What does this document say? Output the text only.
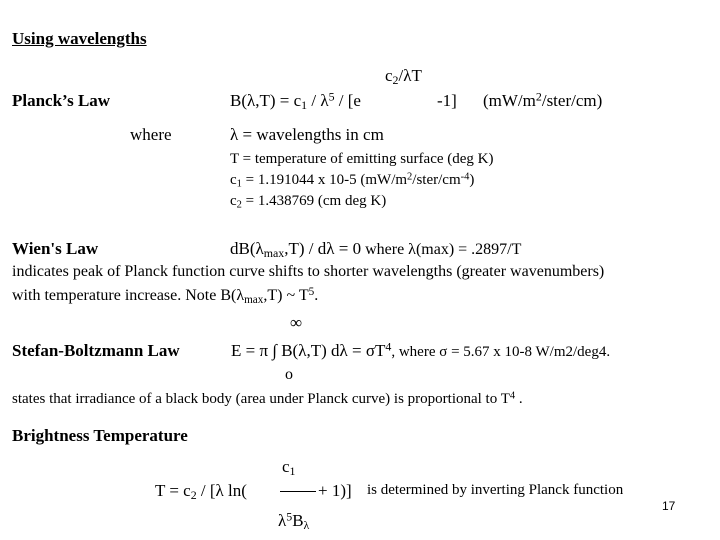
Using wavelengths
$c_2/\lambda T$
Planck’s Law	$B(\lambda,T) = c_1 / \lambda^5 / [e$	-1] $(mW/m^2/ster/cm)$
where	λ = wavelengths in cm
T = temperature of emitting surface (deg K)
$c_1 = 1.191044$ x 10-5 $(mW/m^2/ster/cm^{-4})$
$c_2 = 1.438769$ (cm deg K)
Wien's Law	$dB(\lambda_{max},T) / d\lambda = 0$ where λ(max) = .2897/T
indicates peak of Planck function curve shifts to shorter wavelengths (greater wavenumbers)
with temperature increase. Note $B(\lambda_{max},T)$ ~ $T^5$.
∞
Stefan-Boltzmann Law	E = π ∫ B(λ,T) $d\lambda = \sigma T^4$, where σ = 5.67 x 10-8 W/m2/deg4.
o
states that irradiance of a black body (area under Planck curve) is proportional to $T^4$ .
Brightness Temperature
$c_1$
$T = c_2 / [\lambda$ ln(	+ 1)] is determined by inverting Planck function
$\lambda^5B_\lambda$
17
